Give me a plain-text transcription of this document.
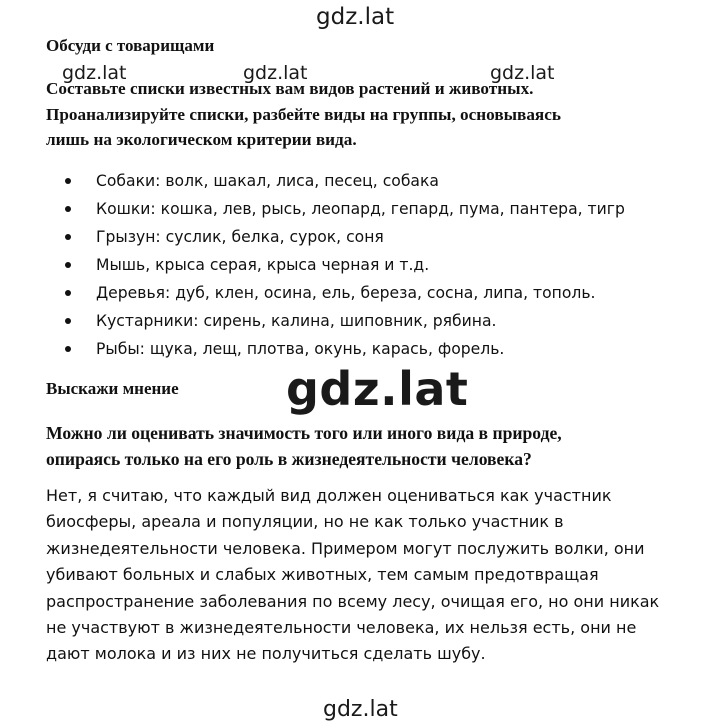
gdz.lat
Обсуди с товарищами
Составьте списки известных вам видов растений и животных.
Проанализируйте списки, разбейте виды на группы, основываясь
лишь на экологическом критерии вида.
gdz.lat	gdz.lat	gdz.lat
Собаки: волк, шакал, лиса, песец, собака
Кошки: кошка, лев, рысь, леопард, гепард, пума, пантера, тигр
Грызун: суслик, белка, сурок, соня
Мышь, крыса серая, крыса черная и т.д.
Деревья: дуб, клен, осина, ель, береза, сосна, липа, тополь.
Кустарники: сирень, калина, шиповник, рябина.
Рыбы: щука, лещ, плотва, окунь, карась, форель.
Выскажи мнение gdz.lat
Можно ли оценивать значимость того или иного вида в природе,
опираясь только на его роль в жизнедеятельности человека?
Нет, я считаю, что каждый вид должен оцениваться как участник
биосферы, ареала и популяции, но не как только участник в
жизнедеятельности человека. Примером могут послужить волки, они
убивают больных и слабых животных, тем самым предотвращая
распространение заболевания по всему лесу, очищая его, но они никак
не участвуют в жизнедеятельности человека, их нельзя есть, они не
дают молока и из них не получиться сделать шубу.
gdz.lat
